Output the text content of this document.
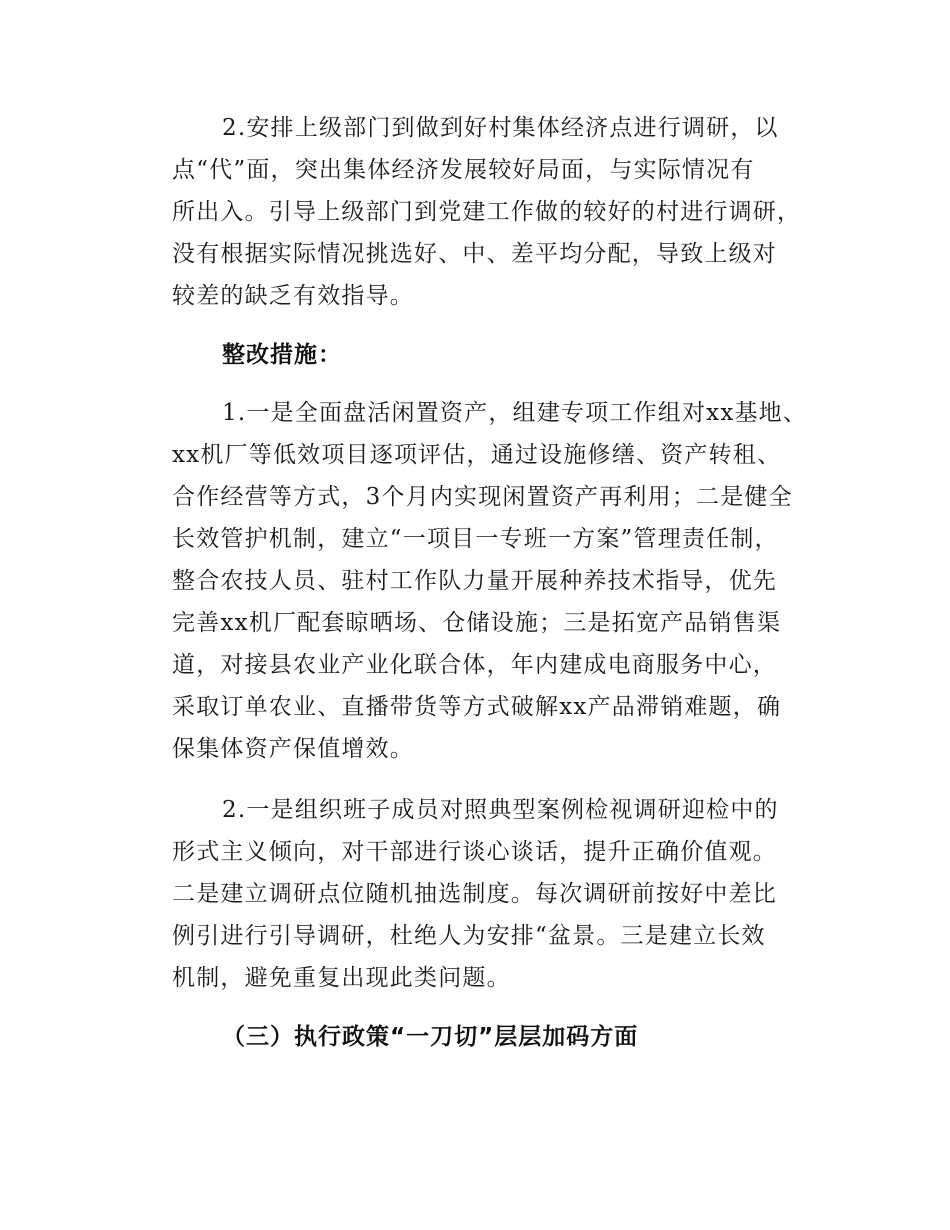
2.安排上级部门到做到好村集体经济点进行调研，以
点“代”面，突出集体经济发展较好局面，与实际情况有
所出入。引导上级部门到党建工作做的较好的村进行调研，
没有根据实际情况挑选好、中、差平均分配，导致上级对
较差的缺乏有效指导。
整改措施：
1.一是全面盘活闲置资产，组建专项工作组对xx基地、
xx机厂等低效项目逐项评估，通过设施修缮、资产转租、
合作经营等方式，3个月内实现闲置资产再利用；二是健全
长效管护机制，建立“一项目一专班一方案”管理责任制，
整合农技人员、驻村工作队力量开展种养技术指导，优先
完善xx机厂配套晾晒场、仓储设施；三是拓宽产品销售渠
道，对接县农业产业化联合体，年内建成电商服务中心，
采取订单农业、直播带货等方式破解xx产品滞销难题，确
保集体资产保值增效。
2.一是组织班子成员对照典型案例检视调研迎检中的
形式主义倾向，对干部进行谈心谈话，提升正确价值观。
二是建立调研点位随机抽选制度。每次调研前按好中差比
例引进行引导调研，杜绝人为安排“盆景。三是建立长效
机制，避免重复出现此类问题。
（三）执行政策“一刀切”层层加码方面
